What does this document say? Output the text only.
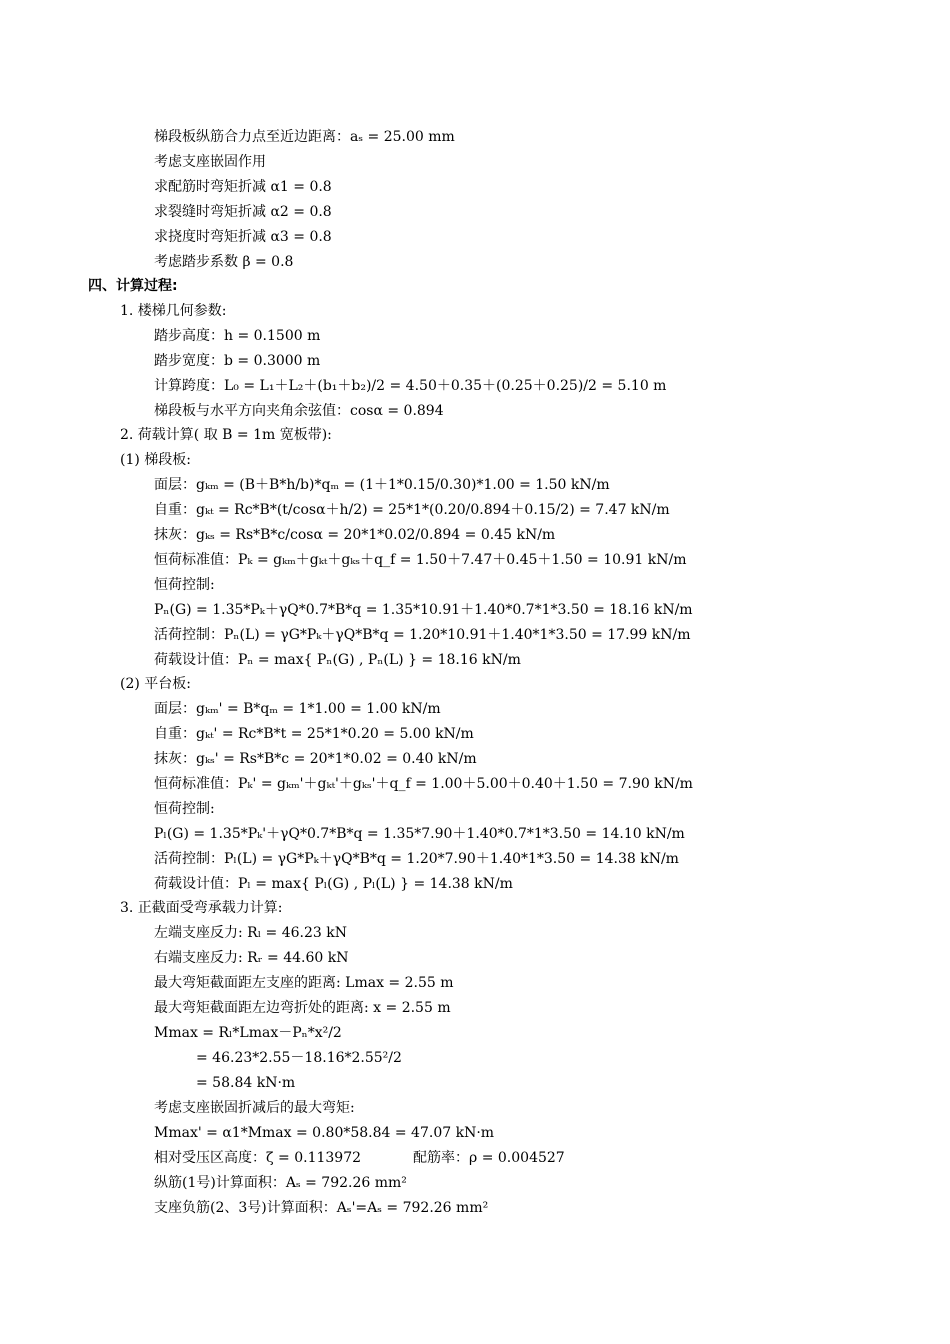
梯段板纵筋合力点至近边距离：aₛ = 25.00 mm
考虑支座嵌固作用
求配筋时弯矩折减 α1 = 0.8
求裂缝时弯矩折减 α2 = 0.8
求挠度时弯矩折减 α3 = 0.8
考虑踏步系数 β = 0.8
四、计算过程:
1. 楼梯几何参数:
踏步高度：h = 0.1500 m
踏步宽度：b = 0.3000 m
计算跨度：L₀ = L₁＋L₂＋(b₁＋b₂)/2 = 4.50＋0.35＋(0.25＋0.25)/2 = 5.10 m
梯段板与水平方向夹角余弦值：cosα = 0.894
2. 荷载计算( 取 B = 1m 宽板带):
(1) 梯段板:
面层：gₖₘ = (B＋B*h/b)*qₘ = (1＋1*0.15/0.30)*1.00 = 1.50 kN/m
自重：gₖₜ = Rc*B*(t/cosα＋h/2) = 25*1*(0.20/0.894＋0.15/2) = 7.47 kN/m
抹灰：gₖₛ = Rs*B*c/cosα = 20*1*0.02/0.894 = 0.45 kN/m
恒荷标准值：Pₖ = gₖₘ＋gₖₜ＋gₖₛ＋q_f = 1.50＋7.47＋0.45＋1.50 = 10.91 kN/m
恒荷控制:
Pₙ(G) = 1.35*Pₖ＋γQ*0.7*B*q = 1.35*10.91＋1.40*0.7*1*3.50 = 18.16 kN/m
活荷控制：Pₙ(L) = γG*Pₖ＋γQ*B*q = 1.20*10.91＋1.40*1*3.50 = 17.99 kN/m
荷载设计值：Pₙ = max{ Pₙ(G) , Pₙ(L) } = 18.16 kN/m
(2) 平台板:
面层：gₖₘ' = B*qₘ = 1*1.00 = 1.00 kN/m
自重：gₖₜ' = Rc*B*t = 25*1*0.20 = 5.00 kN/m
抹灰：gₖₛ' = Rs*B*c = 20*1*0.02 = 0.40 kN/m
恒荷标准值：Pₖ' = gₖₘ'＋gₖₜ'＋gₖₛ'＋q_f = 1.00＋5.00＋0.40＋1.50 = 7.90 kN/m
恒荷控制:
Pₗ(G) = 1.35*Pₖ'＋γQ*0.7*B*q = 1.35*7.90＋1.40*0.7*1*3.50 = 14.10 kN/m
活荷控制：Pₗ(L) = γG*Pₖ＋γQ*B*q = 1.20*7.90＋1.40*1*3.50 = 14.38 kN/m
荷载设计值：Pₗ = max{ Pₗ(G) , Pₗ(L) } = 14.38 kN/m
3. 正截面受弯承载力计算:
左端支座反力: Rₗ = 46.23 kN
右端支座反力: Rᵣ = 44.60 kN
最大弯矩截面距左支座的距离: Lmax = 2.55 m
最大弯矩截面距左边弯折处的距离: x = 2.55 m
Mmax = Rₗ*Lmax－Pₙ*x²/2
= 46.23*2.55－18.16*2.55²/2
= 58.84 kN·m
考虑支座嵌固折减后的最大弯矩:
Mmax' = α1*Mmax = 0.80*58.84 = 47.07 kN·m
相对受压区高度：ζ = 0.113972	配筋率：ρ = 0.004527
纵筋(1号)计算面积：Aₛ = 792.26 mm²
支座负筋(2、3号)计算面积：Aₛ'=Aₛ = 792.26 mm²
